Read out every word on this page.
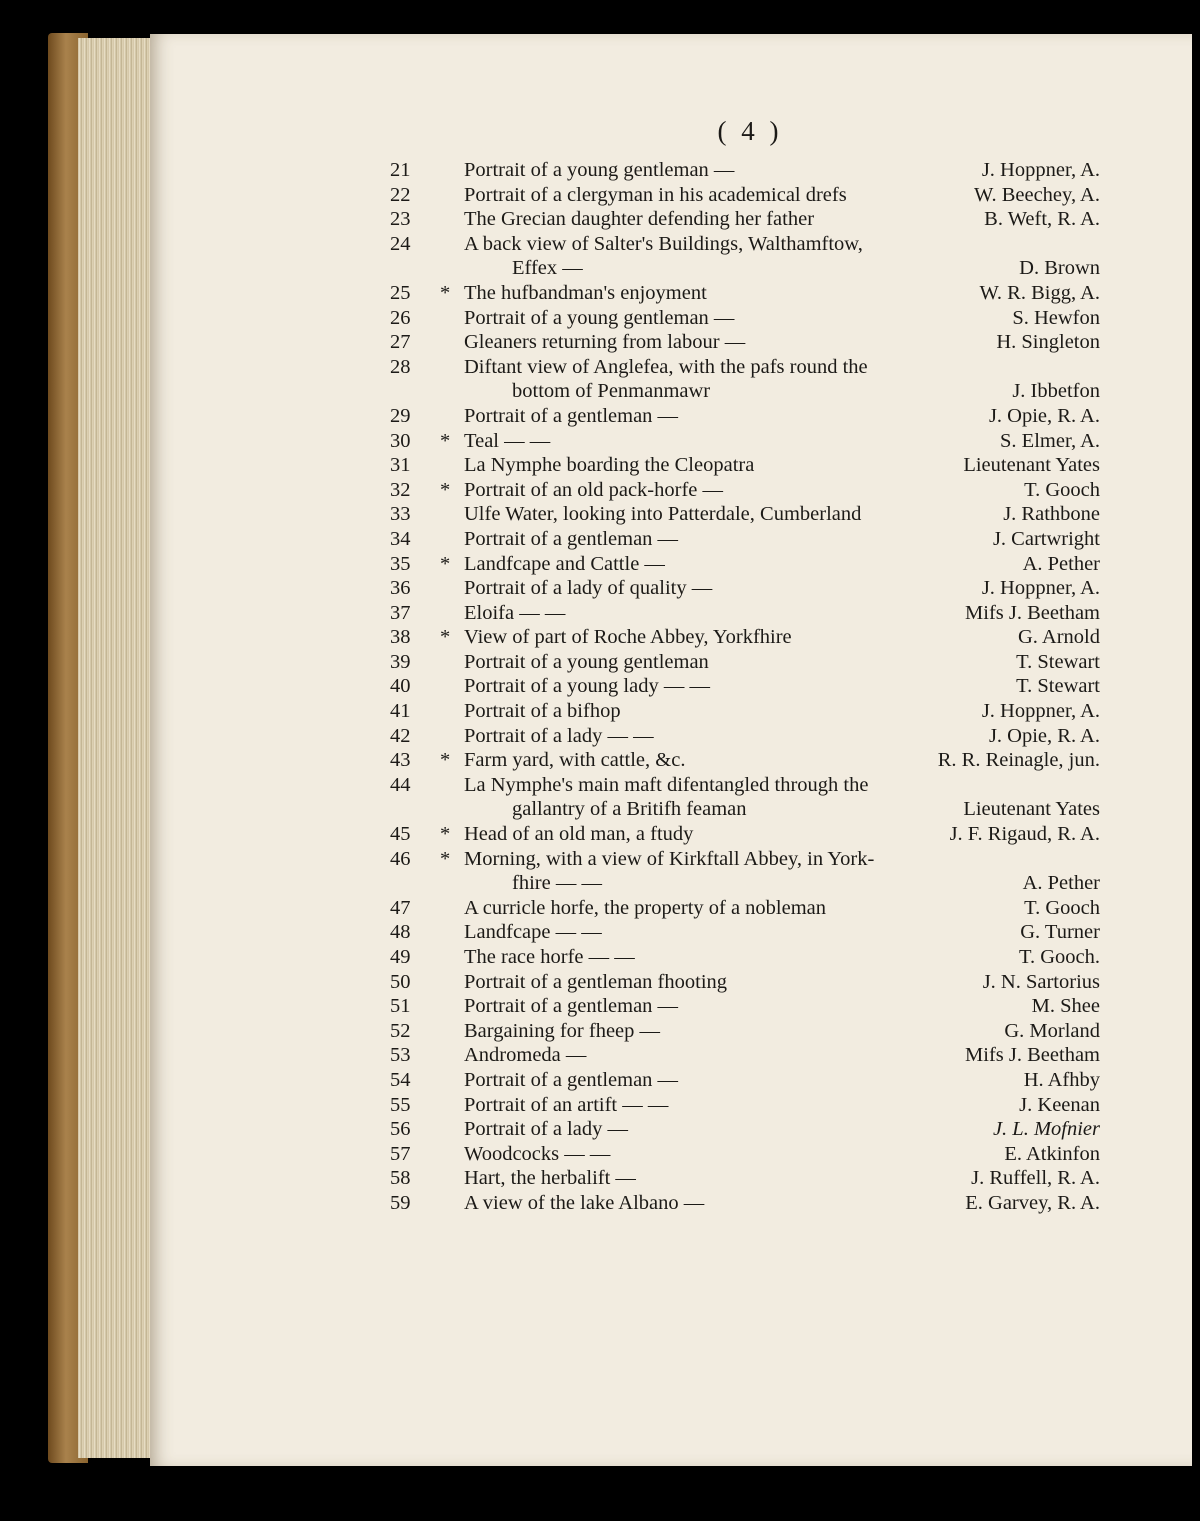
( 4 )
21	Portrait of a young gentleman —	J. Hoppner, A.
22	Portrait of a clergyman in his academical drefs	W. Beechey, A.
23	The Grecian daughter defending her father	B. Weft, R. A.
24	A back view of Salter's Buildings, Walthamftow,
Effex —	D. Brown
25	* The hufbandman's enjoyment	W. R. Bigg, A.
26	Portrait of a young gentleman —	S. Hewfon
27	Gleaners returning from labour —	H. Singleton
28	Diftant view of Anglefea, with the pafs round the
bottom of Penmanmawr	J. Ibbetfon
29	Portrait of a gentleman —	J. Opie, R. A.
30	* Teal — —	S. Elmer, A.
31	La Nymphe boarding the Cleopatra	Lieutenant Yates
32	* Portrait of an old pack-horfe —	T. Gooch
33	Ulfe Water, looking into Patterdale, Cumberland	J. Rathbone
34	Portrait of a gentleman —	J. Cartwright
35	* Landfcape and Cattle —	A. Pether
36	Portrait of a lady of quality —	J. Hoppner, A.
37	Eloifa — —	Mifs J. Beetham
38	* View of part of Roche Abbey, Yorkfhire	G. Arnold
39	Portrait of a young gentleman	T. Stewart
40	Portrait of a young lady — —	T. Stewart
41	Portrait of a bifhop	J. Hoppner, A.
42	Portrait of a lady — —	J. Opie, R. A.
43	* Farm yard, with cattle, &c.	R. R. Reinagle, jun.
44	La Nymphe's main maft difentangled through the
gallantry of a Britifh feaman	Lieutenant Yates
45	* Head of an old man, a ftudy	J. F. Rigaud, R. A.
46	* Morning, with a view of Kirkftall Abbey, in York-
fhire — —	A. Pether
47	A curricle horfe, the property of a nobleman	T. Gooch
48	Landfcape — —	G. Turner
49	The race horfe — —	T. Gooch.
50	Portrait of a gentleman fhooting	J. N. Sartorius
51	Portrait of a gentleman —	M. Shee
52	Bargaining for fheep —	G. Morland
53	Andromeda —	Mifs J. Beetham
54	Portrait of a gentleman —	H. Afhby
55	Portrait of an artift — —	J. Keenan
56	Portrait of a lady —	J. L. Mofnier
57	Woodcocks — —	E. Atkinfon
58	Hart, the herbalift —	J. Ruffell, R. A.
59	A view of the lake Albano —	E. Garvey, R. A.
